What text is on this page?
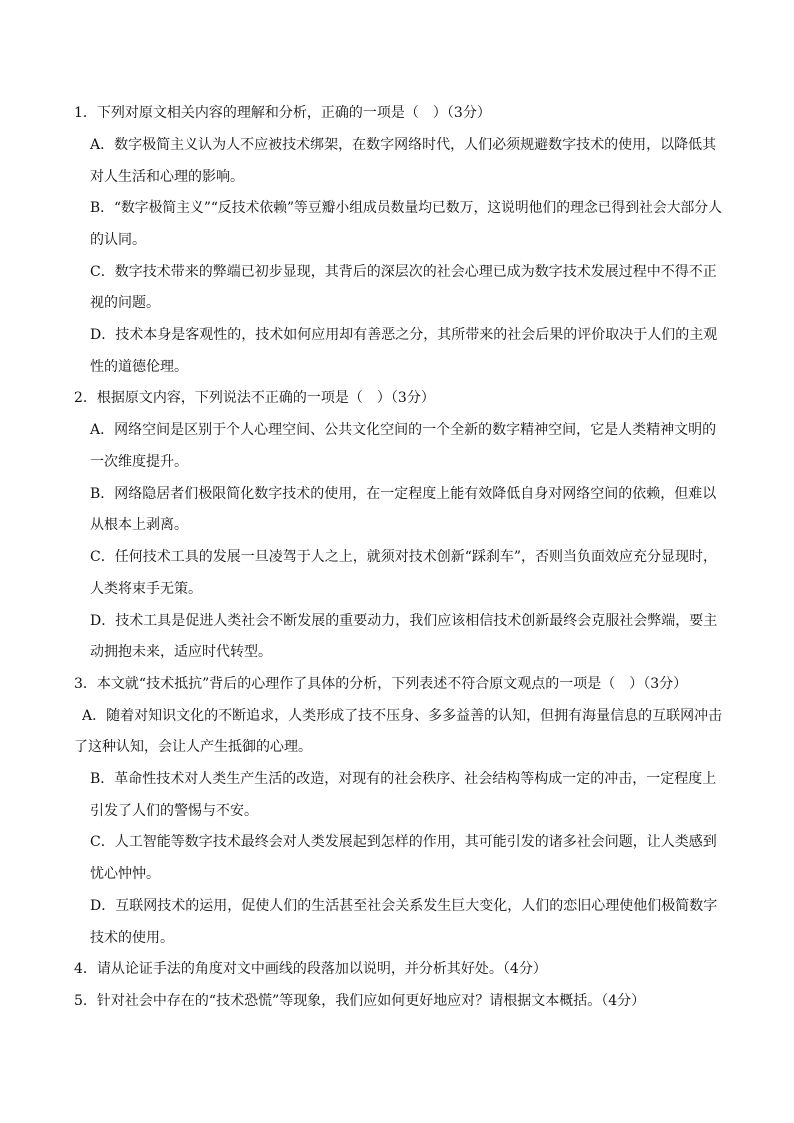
1．下列对原文相关内容的理解和分析，正确的一项是（　）（3分）
A．数字极简主义认为人不应被技术绑架，在数字网络时代，人们必须规避数字技术的使用，以降低其
对人生活和心理的影响。
B．“数字极简主义”“反技术依赖”等豆瓣小组成员数量均已数万，这说明他们的理念已得到社会大部分人
的认同。
C．数字技术带来的弊端已初步显现，其背后的深层次的社会心理已成为数字技术发展过程中不得不正
视的问题。
D．技术本身是客观性的，技术如何应用却有善恶之分，其所带来的社会后果的评价取决于人们的主观
性的道德伦理。
2．根据原文内容，下列说法不正确的一项是（　）（3分）
A．网络空间是区别于个人心理空间、公共文化空间的一个全新的数字精神空间，它是人类精神文明的
一次维度提升。
B．网络隐居者们极限简化数字技术的使用，在一定程度上能有效降低自身对网络空间的依赖，但难以
从根本上剥离。
C．任何技术工具的发展一旦凌驾于人之上，就须对技术创新“踩刹车”，否则当负面效应充分显现时，
人类将束手无策。
D．技术工具是促进人类社会不断发展的重要动力，我们应该相信技术创新最终会克服社会弊端，要主
动拥抱未来，适应时代转型。
3．本文就“技术抵抗”背后的心理作了具体的分析，下列表述不符合原文观点的一项是（　）（3分）
A．随着对知识文化的不断追求，人类形成了技不压身、多多益善的认知，但拥有海量信息的互联网冲击
了这种认知，会让人产生抵御的心理。
B．革命性技术对人类生产生活的改造，对现有的社会秩序、社会结构等构成一定的冲击，一定程度上
引发了人们的警惕与不安。
C．人工智能等数字技术最终会对人类发展起到怎样的作用，其可能引发的诸多社会问题，让人类感到
忧心忡忡。
D．互联网技术的运用，促使人们的生活甚至社会关系发生巨大变化，人们的恋旧心理使他们极简数字
技术的使用。
4．请从论证手法的角度对文中画线的段落加以说明，并分析其好处。（4分）
5．针对社会中存在的“技术恐慌”等现象，我们应如何更好地应对？请根据文本概括。（4分）
